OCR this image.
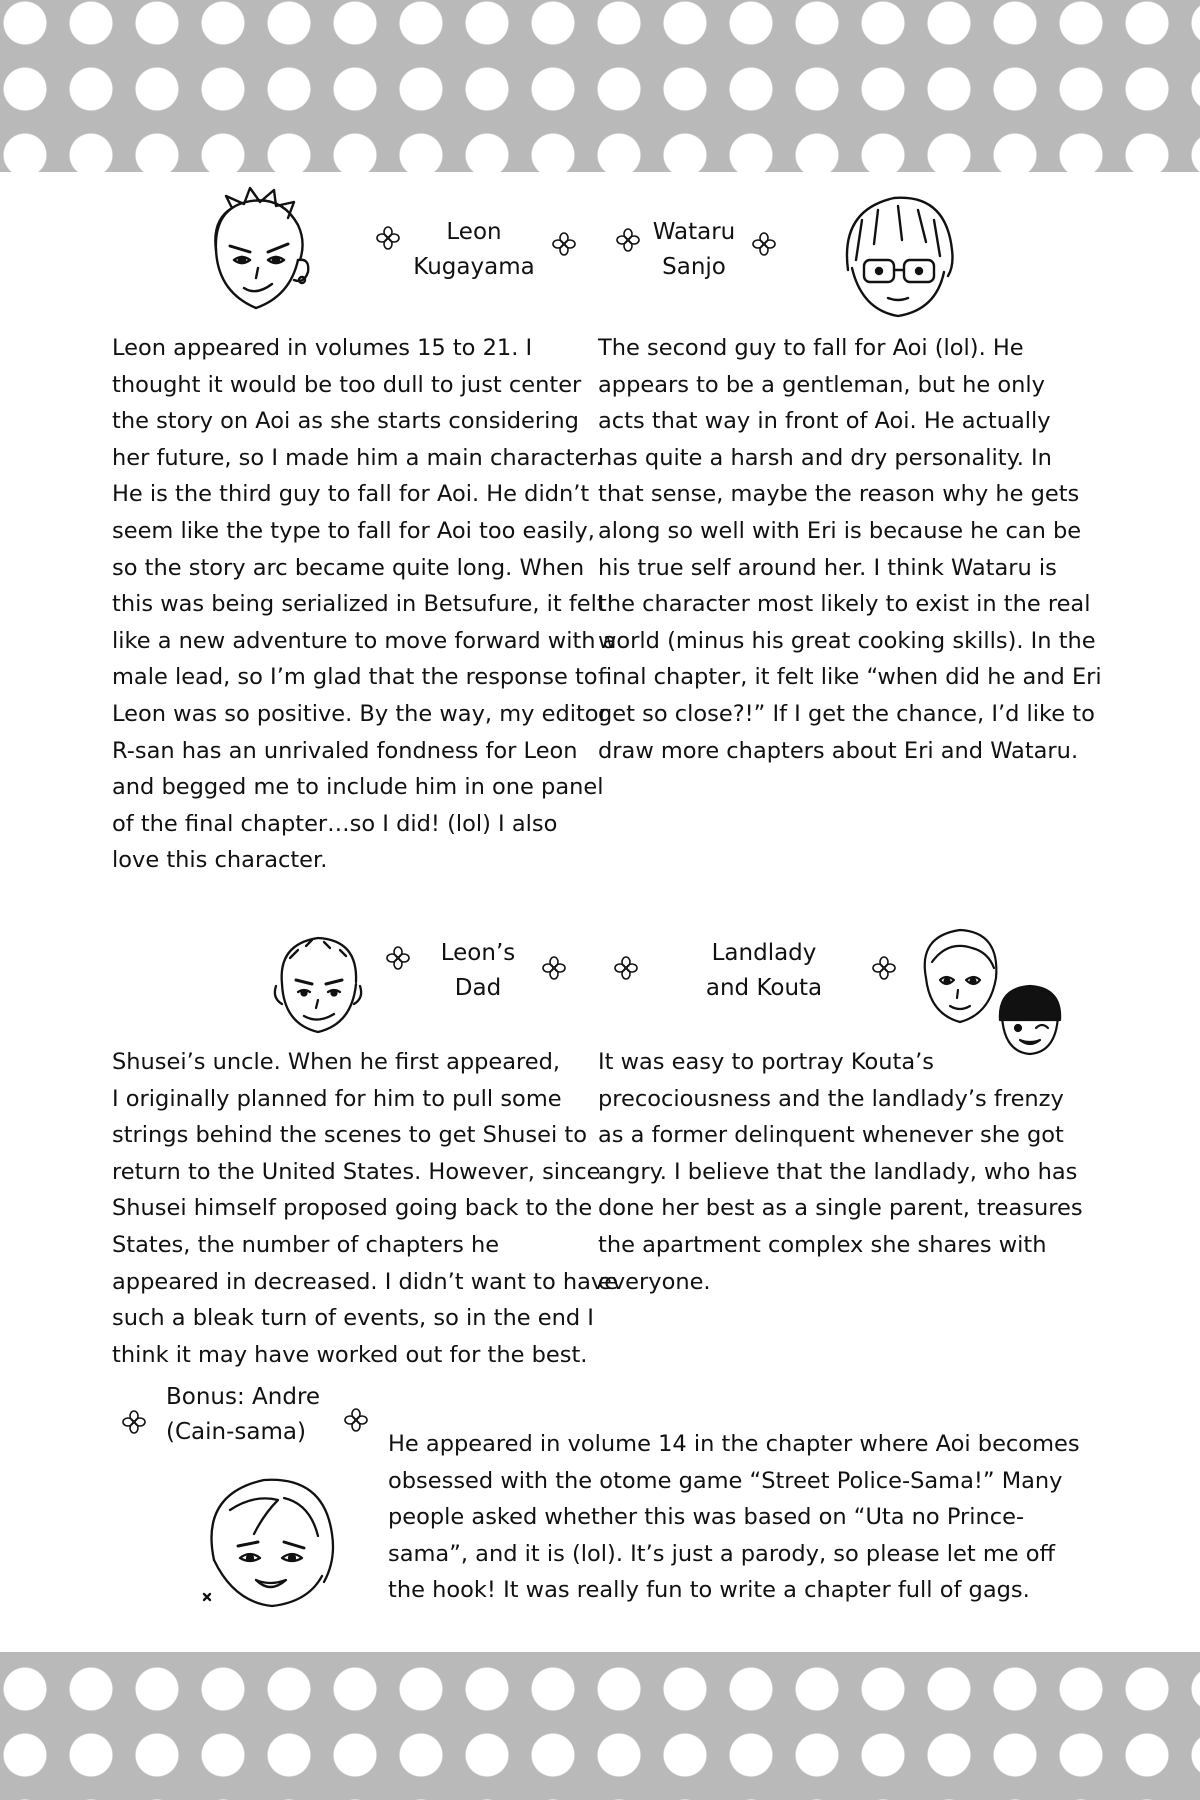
Leon
Kugayama
Leon appeared in volumes 15 to 21. I
thought it would be too dull to just center
the story on Aoi as she starts considering
her future, so I made him a main character.
He is the third guy to fall for Aoi. He didn’t
seem like the type to fall for Aoi too easily,
so the story arc became quite long. When
this was being serialized in Betsufure, it felt
like a new adventure to move forward with a
male lead, so I’m glad that the response to
Leon was so positive. By the way, my editor
R-san has an unrivaled fondness for Leon
and begged me to include him in one panel
of the final chapter…so I did! (lol) I also
love this character.
Wataru
Sanjo
The second guy to fall for Aoi (lol). He
appears to be a gentleman, but he only
acts that way in front of Aoi. He actually
has quite a harsh and dry personality. In
that sense, maybe the reason why he gets
along so well with Eri is because he can be
his true self around her. I think Wataru is
the character most likely to exist in the real
world (minus his great cooking skills). In the
final chapter, it felt like “when did he and Eri
get so close?!” If I get the chance, I’d like to
draw more chapters about Eri and Wataru.
Leon’s
Dad
Shusei’s uncle. When he first appeared,
I originally planned for him to pull some
strings behind the scenes to get Shusei to
return to the United States. However, since
Shusei himself proposed going back to the
States, the number of chapters he
appeared in decreased. I didn’t want to have
such a bleak turn of events, so in the end I
think it may have worked out for the best.
Landlady
and Kouta
It was easy to portray Kouta’s
precociousness and the landlady’s frenzy
as a former delinquent whenever she got
angry. I believe that the landlady, who has
done her best as a single parent, treasures
the apartment complex she shares with
everyone.
Bonus: Andre
(Cain-sama)	He appeared in volume 14 in the chapter where Aoi becomes
obsessed with the otome game “Street Police-Sama!” Many
people asked whether this was based on “Uta no Prince-
sama”, and it is (lol). It’s just a parody, so please let me off
the hook! It was really fun to write a chapter full of gags.
